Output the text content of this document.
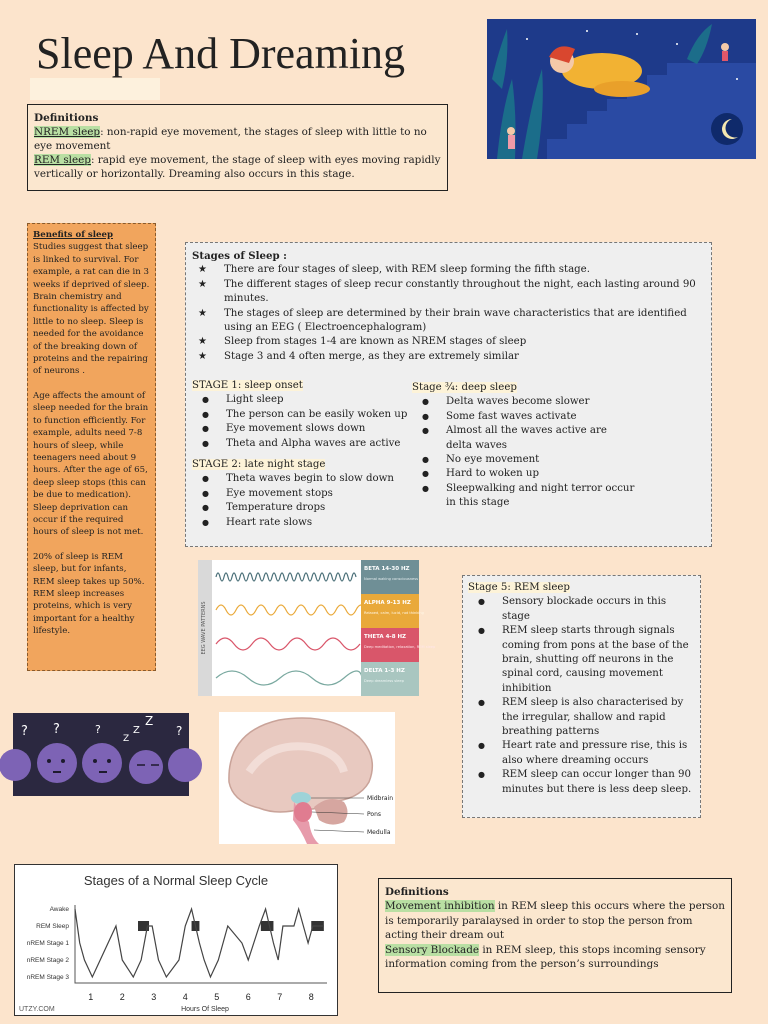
Sleep And Dreaming
Definitions
NREM sleep: non-rapid eye movement, the stages of sleep with little to no eye movement
REM sleep: rapid eye movement, the stage of sleep with eyes moving rapidly vertically or horizontally. Dreaming also occurs in this stage.
Benefits of sleep

Studies suggest that sleep is linked to survival. For example, a rat can die in 3 weeks if deprived of sleep. Brain chemistry and functionality is affected by little to no sleep. Sleep is needed for the avoidance of the breaking down of proteins and the repairing of neurons .

Age affects the amount of sleep needed for the brain to function efficiently. For example, adults need 7-8 hours of sleep, while teenagers need about 9 hours. After the age of 65, deep sleep stops (this can be due to medication). Sleep deprivation can occur if the required hours of sleep is not met.

20% of sleep is REM sleep, but for infants, REM sleep takes up 50%. REM sleep increases proteins, which is very important for a healthy lifestyle.

Stages of Sleep :
★ There are four stages of sleep, with REM sleep forming the fifth stage.
★ The different stages of sleep recur constantly throughout the night, each lasting around 90 minutes.
★ The stages of sleep are determined by their brain wave characteristics that are identified using an EEG ( Electroencephalogram)
★ Sleep from stages 1-4 are known as NREM stages of sleep
★ Stage 3 and 4 often merge, as they are extremely similar
STAGE 1: sleep onset
● Light sleep
● The person can be easily woken up
● Eye movement slows down
● Theta and Alpha waves are active
STAGE 2: late night stage
● Theta waves begin to slow down
● Eye movement stops
● Temperature drops
● Heart rate slows
Stage ¾: deep sleep
● Delta waves become slower
● Some fast waves activate
● Almost all the waves active are delta waves
● No eye movement
● Hard to woken up
● Sleepwalking and night terror occur in this stage
EEG WAVE PATTERNS
BETA 14-30 HZ
Normal waking consciousness
ALPHA 9-13 HZ
Relaxed, calm, lucid, not thinking
THETA 4-8 HZ
Deep meditation, relaxation, REM sleep
DELTA 1-3 HZ
Deep dreamless sleep
? ?	?
Z
Z
Z
?
Midbrain
Pons
Medulla
Stage 5: REM sleep
● Sensory blockade occurs in this stage
● REM sleep starts through signals coming from pons at the base of the brain, shutting off neurons in the spinal cord, causing movement inhibition
● REM sleep is also characterised by the irregular, shallow and rapid breathing patterns
● Heart rate and pressure rise, this is also where dreaming occurs
● REM sleep can occur longer than 90 minutes but there is less deep sleep.
Stages of a Normal Sleep Cycle
Awake
REM Sleep
nREM Stage 1
nREM Stage 2
nREM Stage 3
1	2	3	4	5	6	7	8
Hours Of Sleep
UTZY.COM
Definitions
Movement inhibition in REM sleep this occurs where the person is temporarily paralaysed in order to stop the person from acting their dream out
Sensory Blockade in REM sleep, this stops incoming sensory information coming from the person’s surroundings
